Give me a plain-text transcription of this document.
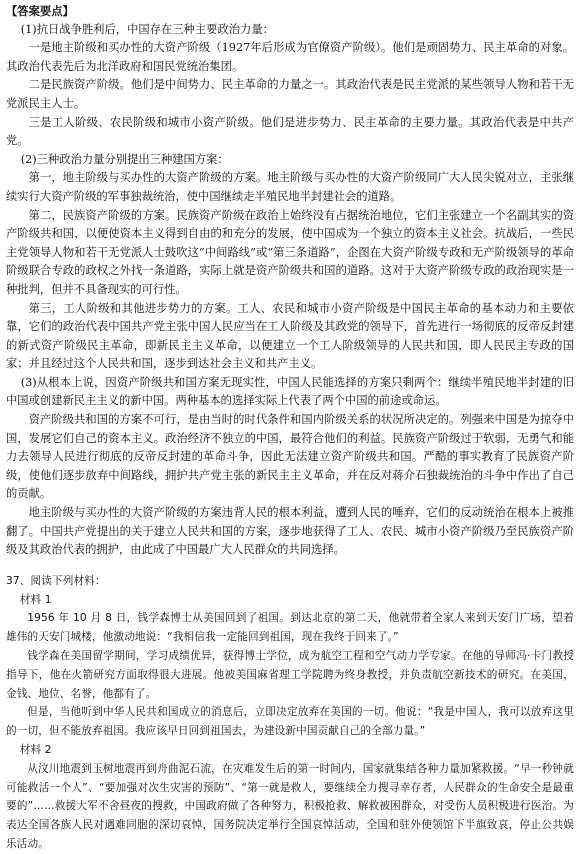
【答案要点】

(1)抗日战争胜利后，中国存在三种主要政治力量：

一是地主阶级和买办性的大资产阶级（1927年后形成为官僚资产阶级）。他们是顽固势力、民主革命的对象。其政治代表先后为北洋政府和国民党统治集团。

二是民族资产阶级。他们是中间势力、民主革命的力量之一。其政治代表是民主党派的某些领导人物和若干无党派民主人士。

三是工人阶级、农民阶级和城市小资产阶级。他们是进步势力、民主革命的主要力量。其政治代表是中共产党。

(2)三种政治力量分别提出三种建国方案：

第一，地主阶级与买办性的大资产阶级的方案。地主阶级与买办性的大资产阶级同广大人民尖锐对立，主张继续实行大资产阶级的军事独裁统治，使中国继续走半殖民地半封建社会的道路。

第二，民族资产阶级的方案。民族资产阶级在政治上始终没有占据统治地位，它们主张建立一个名副其实的资产阶级共和国，以便使资本主义得到自由的和充分的发展，使中国成为一个独立的资本主义社会。抗战后，一些民主党领导人物和若干无党派人士鼓吹这“中间路线”或“第三条道路”，企图在大资产阶级专政和无产阶级领导的革命阶级联合专政的政权之外找一条道路，实际上就是资产阶级共和国的道路。这对于大资产阶级专政的政治现实是一种批判，但并不具备现实的可行性。

第三，工人阶级和其他进步势力的方案。工人、农民和城市小资产阶级是中国民主革命的基本动力和主要依靠，它们的政治代表中国共产党主张中国人民应当在工人阶级及其政党的领导下，首先进行一场彻底的反帝反封建的新式资产阶级民主革命，即新民主主义革命，以便建立一个工人阶级领导的人民共和国，即人民民主专政的国家；并且经过这个人民共和国，逐步到达社会主义和共产主义。

(3)从根本上说，因资产阶级共和国方案无现实性，中国人民能选择的方案只剩两个：继续半殖民地半封建的旧中国或创建新民主主义的新中国。两种基本的选择实际上代表了两个中国的前途或命运。

资产阶级共和国的方案不可行，是由当时的时代条件和国内阶级关系的状况所决定的。列强来中国是为掠夺中国，发展它们自己的资本主义。政治经济不独立的中国，最符合他们的利益。民族资产阶级过于软弱，无勇气和能力去领导人民进行彻底的反帝反封建的革命斗争，因此无法建立资产阶级共和国。严酷的事实教育了民族资产阶级，使他们逐步放弃中间路线，拥护共产党主张的新民主主义革命，并在反对蒋介石独裁统治的斗争中作出了自己的贡献。

地主阶级与买办性的大资产阶级的方案违背人民的根本利益，遭到人民的唾弃，它们的反动统治在根本上被推翻了。中国共产党提出的关于建立人民共和国的方案，逐步地获得了工人、农民、城市小资产阶级乃至民族资产阶级及其政治代表的拥护，由此成了中国最广大人民群众的共同选择。

37、阅读下列材料：

材料 1

1956 年 10 月 8 日，钱学森博士从美国回到了祖国。到达北京的第二天，他就带着全家人来到天安门广场，望着雄伟的天安门城楼，他激动地说：“我相信我一定能回到祖国，现在我终于回来了。”

钱学森在美国留学期间，学习成绩优异，获得博士学位，成为航空工程和空气动力学专家。在他的导师冯·卡门教授指导下，他在火箭研究方面取得很大进展。他被美国麻省理工学院聘为终身教授，并负责航空新技术的研究。在美国，金钱、地位、名誉，他都有了。

但是，当他听到中华人民共和国成立的消息后，立即决定放弃在美国的一切。他说：“我是中国人，我可以放弃这里的一切，但不能放弃祖国。我应该早日回到祖国去，为建设新中国贡献自己的全部力量。”

材料 2

从汶川地震到玉树地震再到舟曲泥石流，在灾难发生后的第一时间内，国家就集结各种力量加紧救援。“早一秒钟就可能救活一个人”、“要加强对次生灾害的预防”、“第一就是救人，要继续全力搜寻幸存者，人民群众的生命安全是最重要的”……救援大军不舍昼夜的搜救，中国政府做了各种努力，积极抢救、解救被困群众，对受伤人员积极进行医治。为表达全国各族人民对遇难同胞的深切哀悼，国务院决定举行全国哀悼活动，全国和驻外使领馆下半旗致哀，停止公共娱乐活动。
